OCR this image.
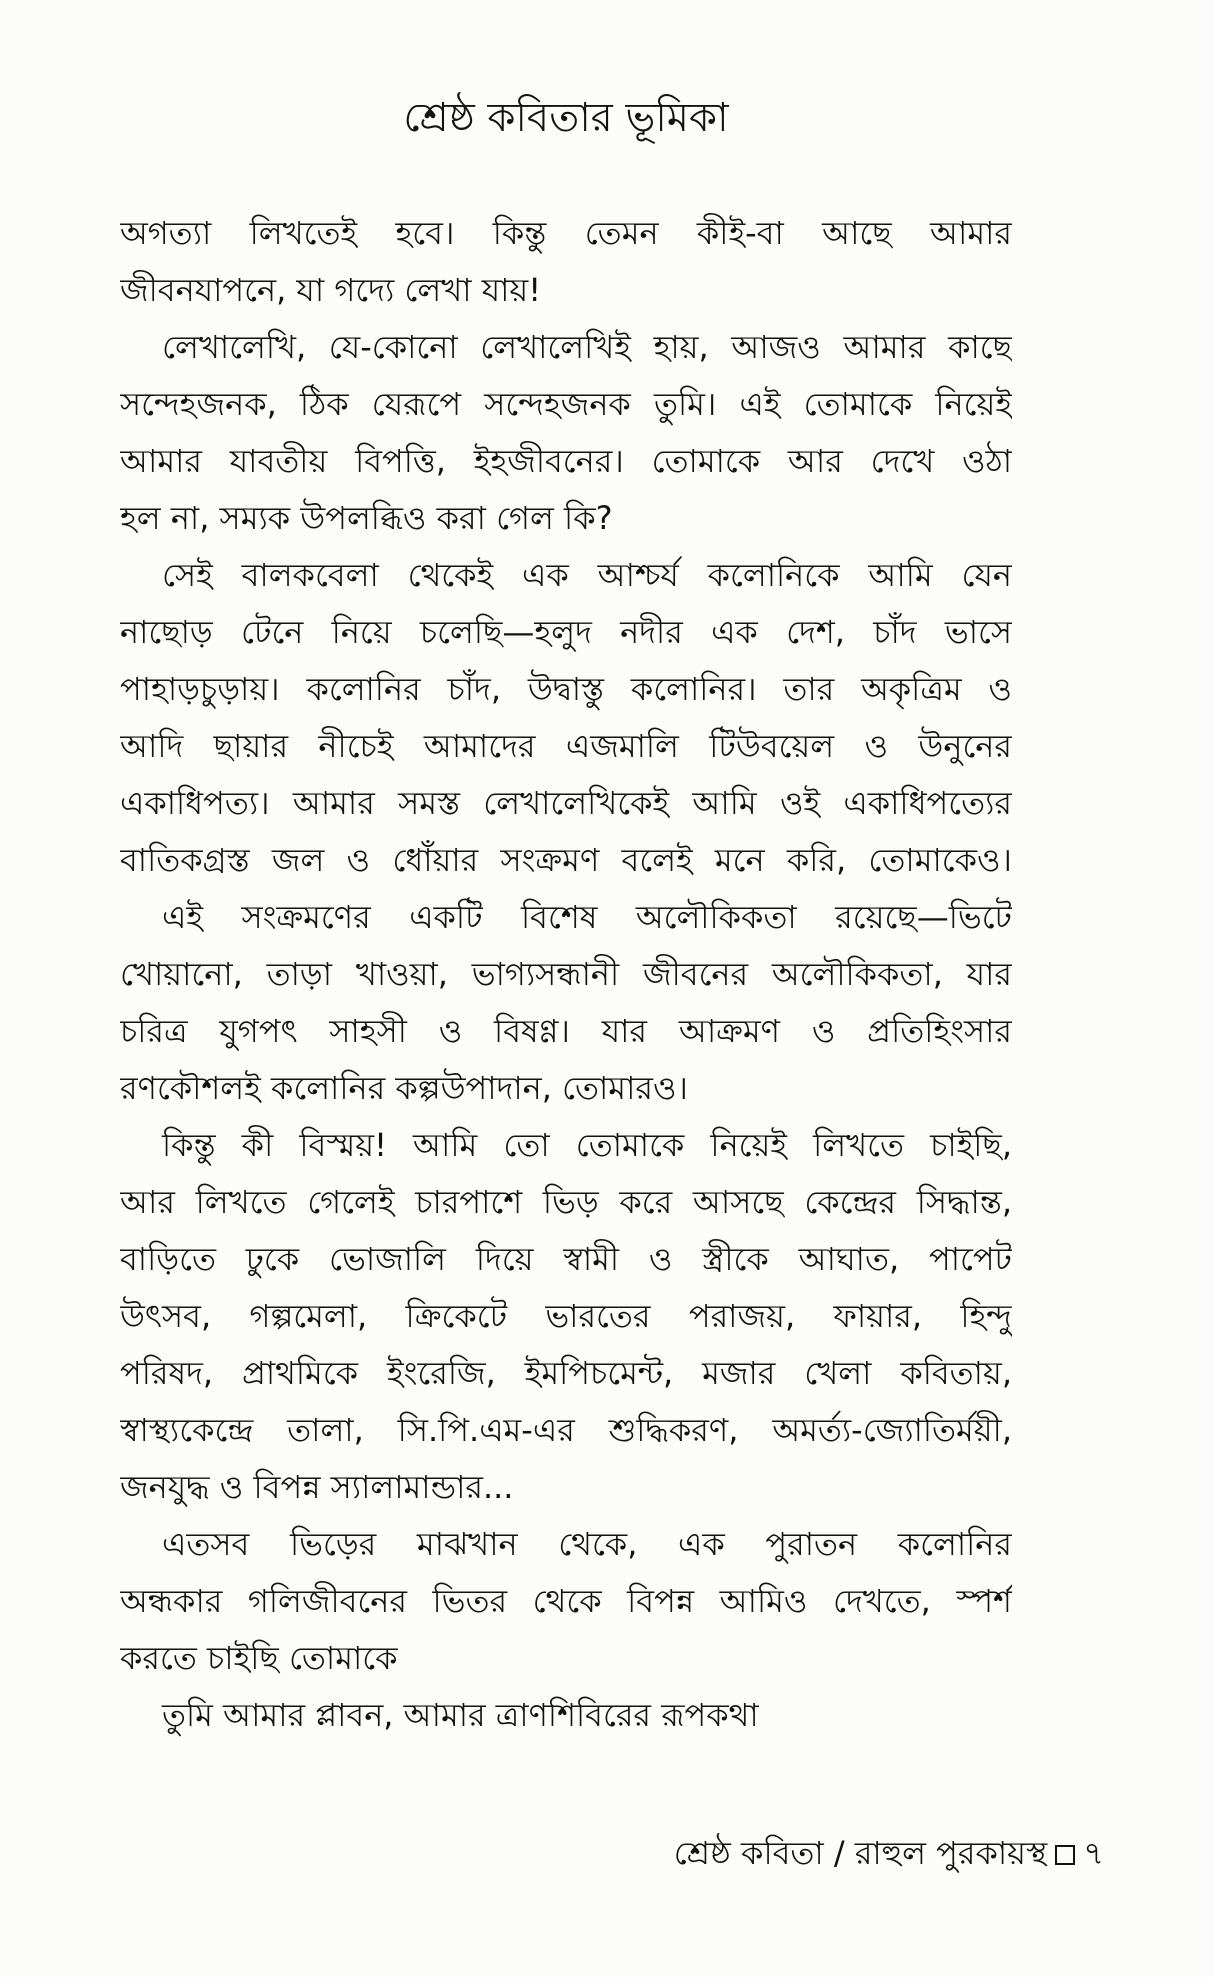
শ্রেষ্ঠ কবিতার ভূমিকা
অগত্যা লিখতেই হবে। কিন্তু তেমন কীই-বা আছে আমার
জীবনযাপনে, যা গদ্যে লেখা যায়!
লেখালেখি, যে-কোনো লেখালেখিই হায়, আজও আমার কাছে
সন্দেহজনক, ঠিক যেরূপে সন্দেহজনক তুমি। এই তোমাকে নিয়েই
আমার যাবতীয় বিপত্তি, ইহজীবনের। তোমাকে আর দেখে ওঠা
হল না, সম্যক উপলব্ধিও করা গেল কি?
সেই বালকবেলা থেকেই এক আশ্চর্য কলোনিকে আমি যেন
নাছোড় টেনে নিয়ে চলেছি—হলুদ নদীর এক দেশ, চাঁদ ভাসে
পাহাড়চুড়ায়। কলোনির চাঁদ, উদ্বাস্তু কলোনির। তার অকৃত্রিম ও
আদি ছায়ার নীচেই আমাদের এজমালি টিউবয়েল ও উনুনের
একাধিপত্য। আমার সমস্ত লেখালেখিকেই আমি ওই একাধিপত্যের
বাতিকগ্রস্ত জল ও ধোঁয়ার সংক্রমণ বলেই মনে করি, তোমাকেও।
এই সংক্রমণের একটি বিশেষ অলৌকিকতা রয়েছে—ভিটে
খোয়ানো, তাড়া খাওয়া, ভাগ্যসন্ধানী জীবনের অলৌকিকতা, যার
চরিত্র যুগপৎ সাহসী ও বিষণ্ণ। যার আক্রমণ ও প্রতিহিংসার
রণকৌশলই কলোনির কল্পউপাদান, তোমারও।
কিন্তু কী বিস্ময়! আমি তো তোমাকে নিয়েই লিখতে চাইছি,
আর লিখতে গেলেই চারপাশে ভিড় করে আসছে কেন্দ্রের সিদ্ধান্ত,
বাড়িতে ঢুকে ভোজালি দিয়ে স্বামী ও স্ত্রীকে আঘাত, পাপেট
উৎসব, গল্পমেলা, ক্রিকেটে ভারতের পরাজয়, ফায়ার, হিন্দু
পরিষদ, প্রাথমিকে ইংরেজি, ইমপিচমেন্ট, মজার খেলা কবিতায়,
স্বাস্থ্যকেন্দ্রে তালা, সি.পি.এম-এর শুদ্ধিকরণ, অমর্ত্য-জ্যোতির্ময়ী,
জনযুদ্ধ ও বিপন্ন স্যালামান্ডার...
এতসব ভিড়ের মাঝখান থেকে, এক পুরাতন কলোনির
অন্ধকার গলিজীবনের ভিতর থেকে বিপন্ন আমিও দেখতে, স্পর্শ
করতে চাইছি তোমাকে
তুমি আমার প্লাবন, আমার ত্রাণশিবিরের রূপকথা
শ্রেষ্ঠ কবিতা / রাহুল পুরকায়স্থ ৭
